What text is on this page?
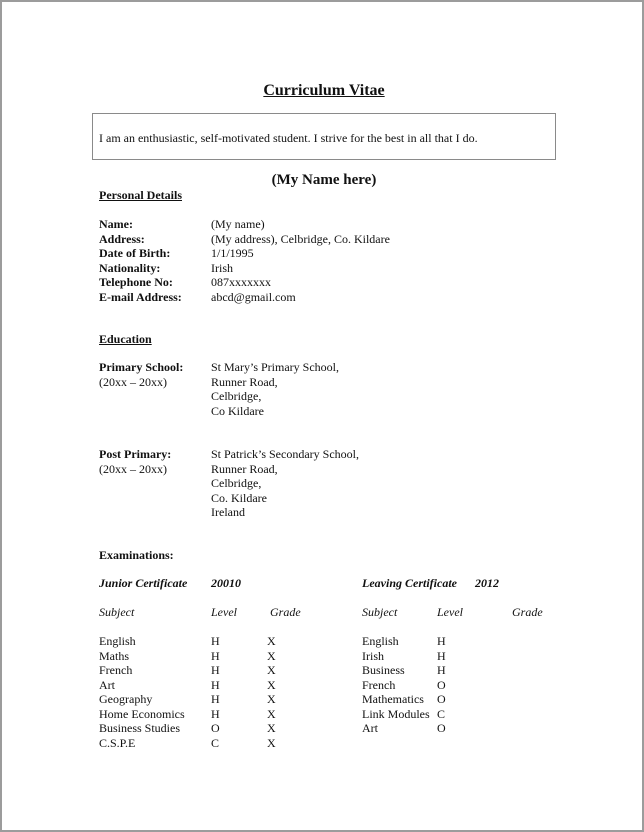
Curriculum Vitae
I am an enthusiastic, self-motivated student. I strive for the best in all that I do.
(My Name here)
Personal Details
Name:	(My name)
Address:	(My address), Celbridge, Co. Kildare
Date of Birth:	1/1/1995
Nationality:	Irish
Telephone No:	087xxxxxxx
E-mail Address: abcd@gmail.com
Education
Primary School:
(20xx – 20xx)
St Mary’s Primary School,
Runner Road,
Celbridge,
Co Kildare
Post Primary:
(20xx – 20xx)
St Patrick’s Secondary School,
Runner Road,
Celbridge,
Co. Kildare
Ireland
Examinations:
Junior Certificate 20010
Subject	Level	Grade
English	H	X
Maths	H	X
French	H	X
Art	H	X
Geography	H	X
Home Economics H	X
Business Studies	O	X
C.S.P.E	C	X
Leaving Certificate 2012
Subject	Level	Grade
English	H
Irish	H
Business	H
French	O
Mathematics O
Link Modules C
Art	O
